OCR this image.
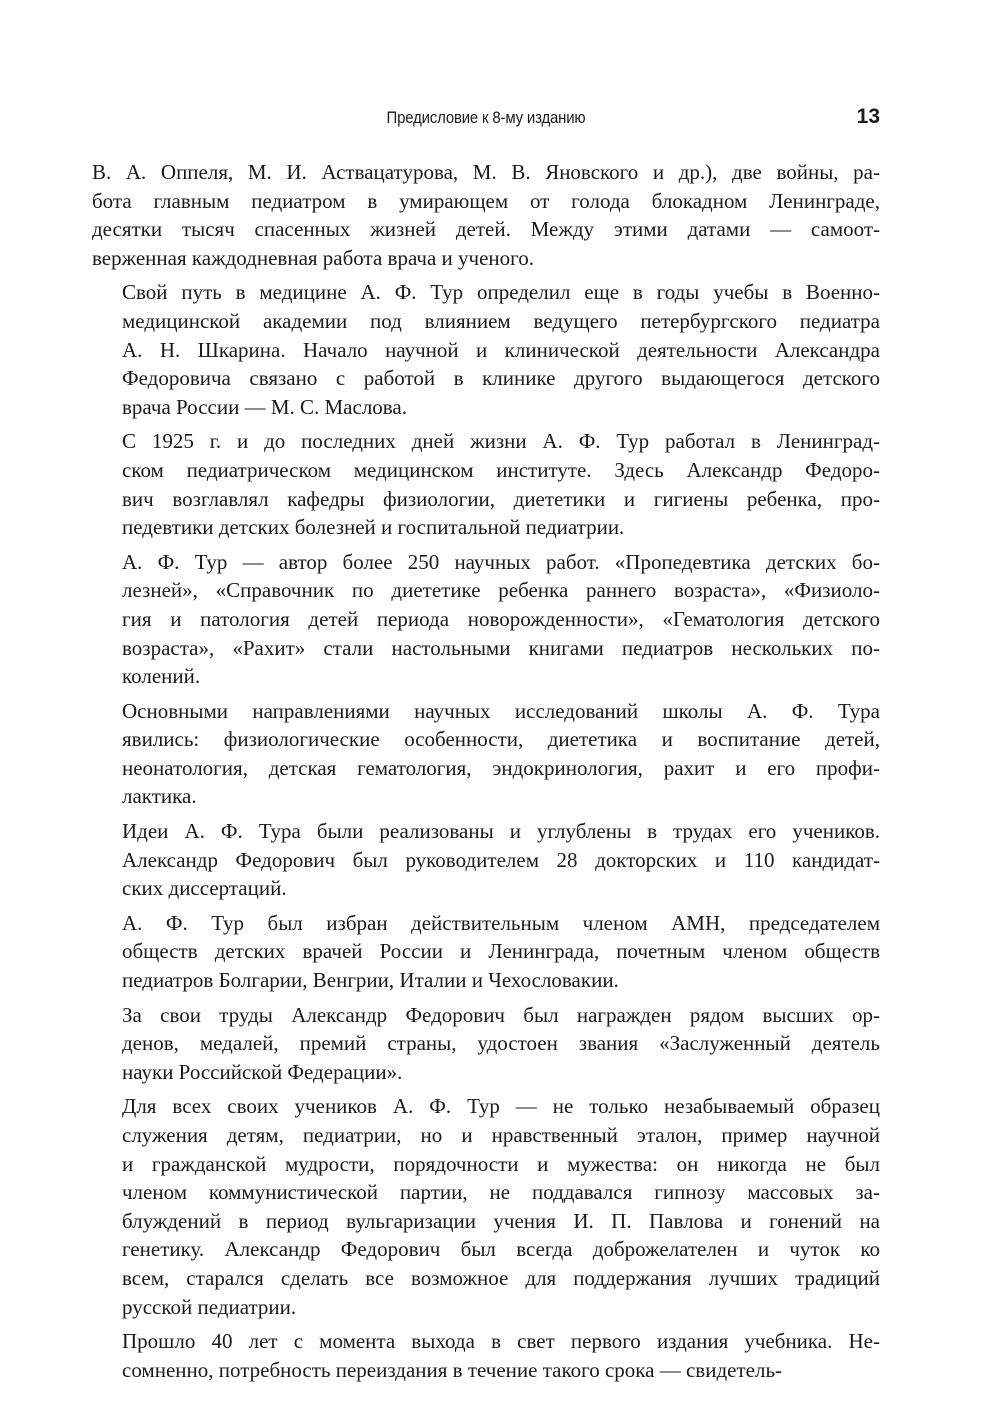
Предисловие к 8-му изданию	13

В. А. Оппеля, М. И. Аствацатурова, М. В. Яновского и др.), две войны, ра-
бота главным педиатром в умирающем от голода блокадном Ленинграде,
десятки тысяч спасенных жизней детей. Между этими датами — самоот-
верженная каждодневная работа врача и ученого.

Свой путь в медицине А. Ф. Тур определил еще в годы учебы в Военно-
медицинской академии под влиянием ведущего петербургского педиатра
А. Н. Шкарина. Начало научной и клинической деятельности Александра
Федоровича связано с работой в клинике другого выдающегося детского
врача России — М. С. Маслова.

С 1925 г. и до последних дней жизни А. Ф. Тур работал в Ленинград-
ском педиатрическом медицинском институте. Здесь Александр Федоро-
вич возглавлял кафедры физиологии, диететики и гигиены ребенка, про-
педевтики детских болезней и госпитальной педиатрии.

А. Ф. Тур — автор более 250 научных работ. «Пропедевтика детских бо-
лезней», «Справочник по диететике ребенка раннего возраста», «Физиоло-
гия и патология детей периода новорожденности», «Гематология детского
возраста», «Рахит» стали настольными книгами педиатров нескольких по-
колений.

Основными направлениями научных исследований школы А. Ф. Тура
явились: физиологические особенности, диететика и воспитание детей,
неонатология, детская гематология, эндокринология, рахит и его профи-
лактика.

Идеи А. Ф. Тура были реализованы и углублены в трудах его учеников.
Александр Федорович был руководителем 28 докторских и 110 кандидат-
ских диссертаций.

А. Ф. Тур был избран действительным членом АМН, председателем
обществ детских врачей России и Ленинграда, почетным членом обществ
педиатров Болгарии, Венгрии, Италии и Чехословакии.

За свои труды Александр Федорович был награжден рядом высших ор-
денов, медалей, премий страны, удостоен звания «Заслуженный деятель
науки Российской Федерации».

Для всех своих учеников А. Ф. Тур — не только незабываемый образец
служения детям, педиатрии, но и нравственный эталон, пример научной
и гражданской мудрости, порядочности и мужества: он никогда не был
членом коммунистической партии, не поддавался гипнозу массовых за-
блуждений в период вульгаризации учения И. П. Павлова и гонений на
генетику. Александр Федорович был всегда доброжелателен и чуток ко
всем, старался сделать все возможное для поддержания лучших традиций
русской педиатрии.

Прошло 40 лет с момента выхода в свет первого издания учебника. Не-
сомненно, потребность переиздания в течение такого срока — свидетель-
